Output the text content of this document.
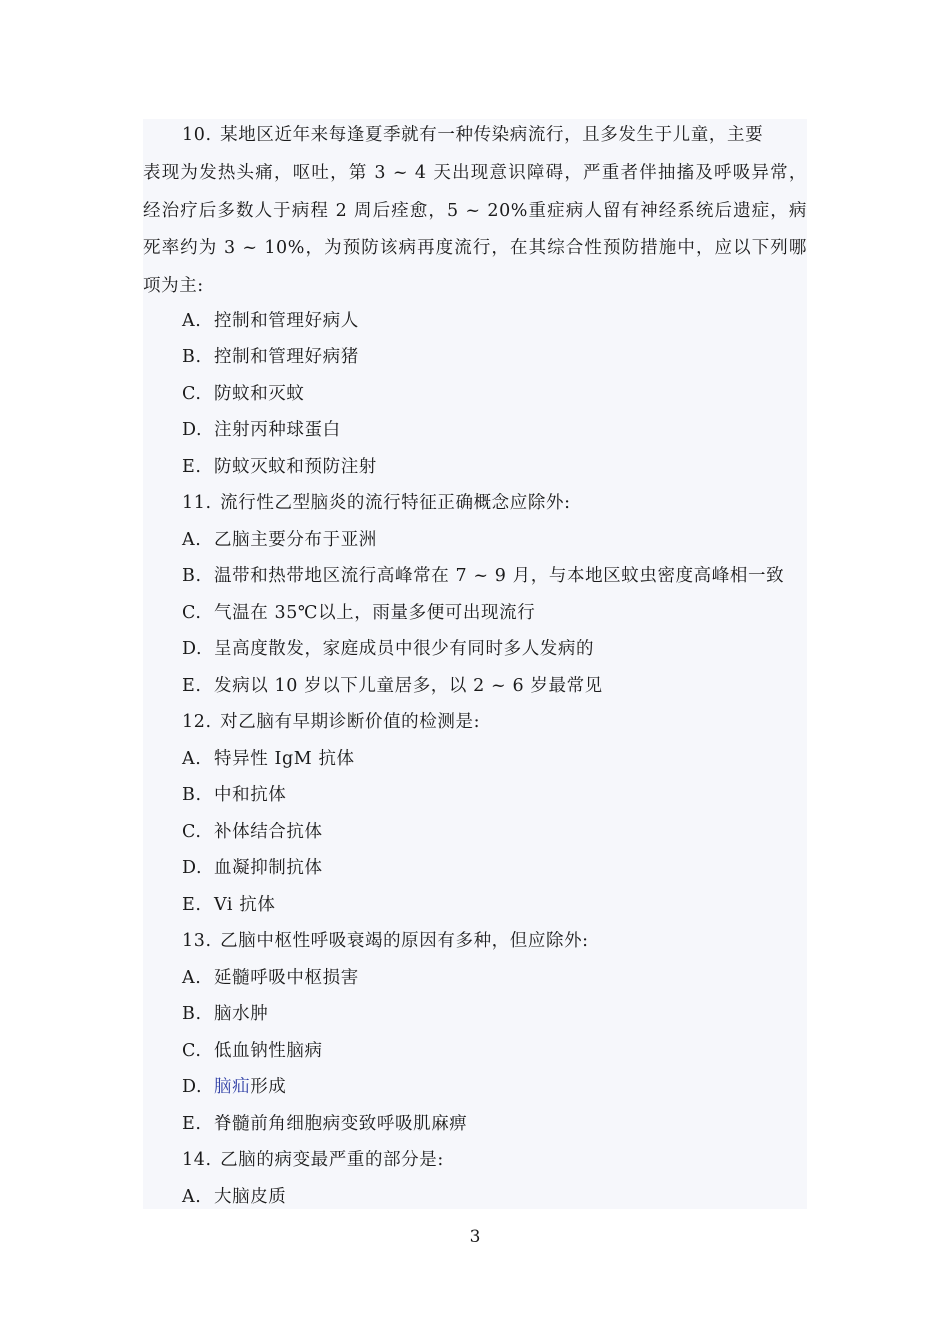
10. 某地区近年来每逢夏季就有一种传染病流行，且多发生于儿童，主要
表现为发热头痛，呕吐，第 3 ~ 4 天出现意识障碍，严重者伴抽搐及呼吸异常，
经治疗后多数人于病程 2 周后痊愈，5 ~ 20%重症病人留有神经系统后遗症，病
死率约为 3 ~ 10%，为预防该病再度流行，在其综合性预防措施中，应以下列哪
项为主:
A. 控制和管理好病人
B. 控制和管理好病猪
C. 防蚊和灭蚊
D. 注射丙种球蛋白
E. 防蚊灭蚊和预防注射
11. 流行性乙型脑炎的流行特征正确概念应除外:
A. 乙脑主要分布于亚洲
B. 温带和热带地区流行高峰常在 7 ~ 9 月，与本地区蚊虫密度高峰相一致
C. 气温在 35℃以上，雨量多便可出现流行
D. 呈高度散发，家庭成员中很少有同时多人发病的
E. 发病以 10 岁以下儿童居多，以 2 ~ 6 岁最常见
12. 对乙脑有早期诊断价值的检测是:
A. 特异性 IgM 抗体
B. 中和抗体
C. 补体结合抗体
D. 血凝抑制抗体
E. Vi 抗体
13. 乙脑中枢性呼吸衰竭的原因有多种，但应除外:
A. 延髓呼吸中枢损害
B. 脑水肿
C. 低血钠性脑病
D. 脑疝形成
E. 脊髓前角细胞病变致呼吸肌麻痹
14. 乙脑的病变最严重的部分是:
A. 大脑皮质
3
